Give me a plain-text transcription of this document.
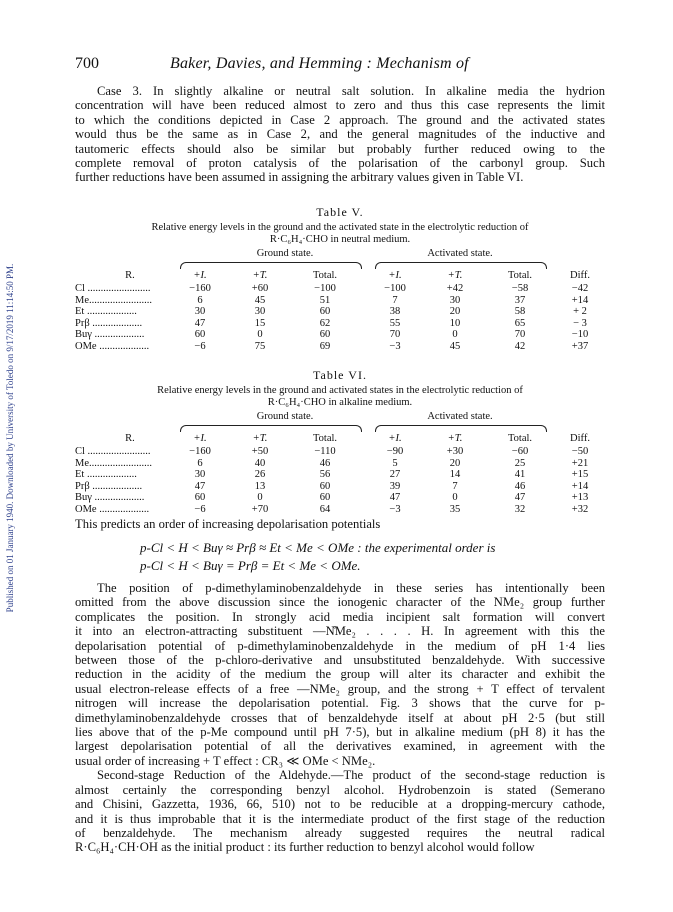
Published on 01 January 1940. Downloaded by University of Toledo on 9/17/2019 11:14:50 PM.
700	Baker, Davies, and Hemming : Mechanism of
Case 3. In slightly alkaline or neutral salt solution. In alkaline media the hydrion
concentration will have been reduced almost to zero and thus this case represents the limit
to which the conditions depicted in Case 2 approach. The ground and the activated states
would thus be the same as in Case 2, and the general magnitudes of the inductive and
tautomeric effects should also be similar but probably further reduced owing to the
complete removal of proton catalysis of the polarisation of the carbonyl group. Such
further reductions have been assumed in assigning the arbitrary values given in Table VI.
Table V.
Relative energy levels in the ground and the activated state in the electrolytic reduction of
R·C₆H₄·CHO in neutral medium.
Ground state.	Activated state.
R.	+I.	+T.	Total.	+I.	+T.	Total.	Diff.
Cl ........................	−160	+60	−100	−100	+42	−58	−42
Me........................	6	45	51	7	30	37	+14
Et ...................	30	30	60	38	20	58	+ 2
Prβ ...................	47	15	62	55	10	65	− 3
Buγ ...................	60	0	60	70	0	70	−10
OMe ...................	−6	75	69	−3	45	42	+37
Table VI.
Relative energy levels in the ground and activated states in the electrolytic reduction of
R·C₆H₄·CHO in alkaline medium.
Ground state.	Activated state.
R.	+I.	+T.	Total.	+I.	+T.	Total.	Diff.
Cl ........................	−160	+50	−110	−90	+30	−60	−50
Me........................	6	40	46	5	20	25	+21
Et ...................	30	26	56	27	14	41	+15
Prβ ...................	47	13	60	39	7	46	+14
Buγ ...................	60	0	60	47	0	47	+13
OMe ...................	−6	+70	64	−3	35	32	+32
This predicts an order of increasing depolarisation potentials
p-Cl < H < Buγ ≈ Prβ ≈ Et < Me < OMe : the experimental order is
p-Cl < H < Buγ = Prβ = Et < Me < OMe.
The position of p-dimethylaminobenzaldehyde in these series has intentionally been
omitted from the above discussion since the ionogenic character of the NMe₂ group further
complicates the position. In strongly acid media incipient salt formation will convert
it into an electron-attracting substituent —N̊Me₂ . . . . H. In agreement with this the
depolarisation potential of p-dimethylaminobenzaldehyde in the medium of pH 1·4 lies
between those of the p-chloro-derivative and unsubstituted benzaldehyde. With successive
reduction in the acidity of the medium the group will alter its character and exhibit the
usual electron-release effects of a free —NMe₂ group, and the strong + T effect of tervalent
nitrogen will increase the depolarisation potential. Fig. 3 shows that the curve for p-
dimethylaminobenzaldehyde crosses that of benzaldehyde itself at about pH 2·5 (but still
lies above that of the p-Me compound until pH 7·5), but in alkaline medium (pH 8) it has the
largest depolarisation potential of all the derivatives examined, in agreement with the
usual order of increasing + T effect : CR₃ ≪ OMe < NMe₂.
Second-stage Reduction of the Aldehyde.—The product of the second-stage reduction is
almost certainly the corresponding benzyl alcohol. Hydrobenzoin is stated (Semerano
and Chisini, Gazzetta, 1936, 66, 510) not to be reducible at a dropping-mercury cathode,
and it is thus improbable that it is the intermediate product of the first stage of the reduction
of benzaldehyde. The mechanism already suggested requires the neutral radical
R·C₆H₄·CH·OH as the initial product : its further reduction to benzyl alcohol would follow
